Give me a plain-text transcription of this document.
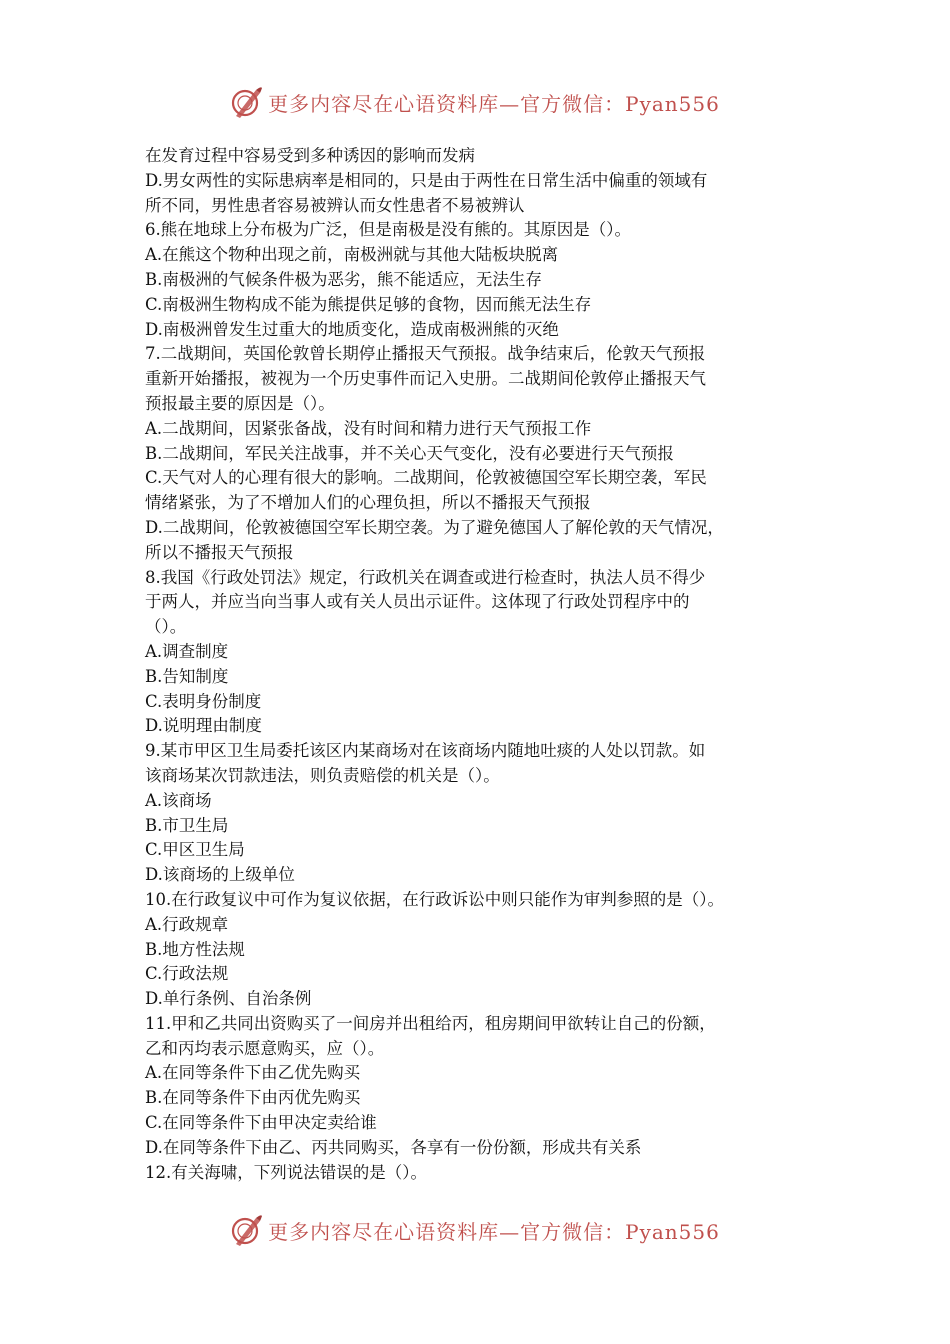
更多内容尽在心语资料库—官方微信：Pyan556
在发育过程中容易受到多种诱因的影响而发病
D.男女两性的实际患病率是相同的，只是由于两性在日常生活中偏重的领域有
所不同，男性患者容易被辨认而女性患者不易被辨认
6.熊在地球上分布极为广泛，但是南极是没有熊的。其原因是（）。
A.在熊这个物种出现之前，南极洲就与其他大陆板块脱离
B.南极洲的气候条件极为恶劣，熊不能适应，无法生存
C.南极洲生物构成不能为熊提供足够的食物，因而熊无法生存
D.南极洲曾发生过重大的地质变化，造成南极洲熊的灭绝
7.二战期间，英国伦敦曾长期停止播报天气预报。战争结束后，伦敦天气预报
重新开始播报，被视为一个历史事件而记入史册。二战期间伦敦停止播报天气
预报最主要的原因是（）。
A.二战期间，因紧张备战，没有时间和精力进行天气预报工作
B.二战期间，军民关注战事，并不关心天气变化，没有必要进行天气预报
C.天气对人的心理有很大的影响。二战期间，伦敦被德国空军长期空袭，军民
情绪紧张，为了不增加人们的心理负担，所以不播报天气预报
D.二战期间，伦敦被德国空军长期空袭。为了避免德国人了解伦敦的天气情况，
所以不播报天气预报
8.我国《行政处罚法》规定，行政机关在调查或进行检查时，执法人员不得少
于两人，并应当向当事人或有关人员出示证件。这体现了行政处罚程序中的
（）。
A.调查制度
B.告知制度
C.表明身份制度
D.说明理由制度
9.某市甲区卫生局委托该区内某商场对在该商场内随地吐痰的人处以罚款。如
该商场某次罚款违法，则负责赔偿的机关是（）。
A.该商场
B.市卫生局
C.甲区卫生局
D.该商场的上级单位
10.在行政复议中可作为复议依据，在行政诉讼中则只能作为审判参照的是（）。
A.行政规章
B.地方性法规
C.行政法规
D.单行条例、自治条例
11.甲和乙共同出资购买了一间房并出租给丙，租房期间甲欲转让自己的份额，
乙和丙均表示愿意购买，应（）。
A.在同等条件下由乙优先购买
B.在同等条件下由丙优先购买
C.在同等条件下由甲决定卖给谁
D.在同等条件下由乙、丙共同购买，各享有一份份额，形成共有关系
12.有关海啸，下列说法错误的是（）。
更多内容尽在心语资料库—官方微信：Pyan556
